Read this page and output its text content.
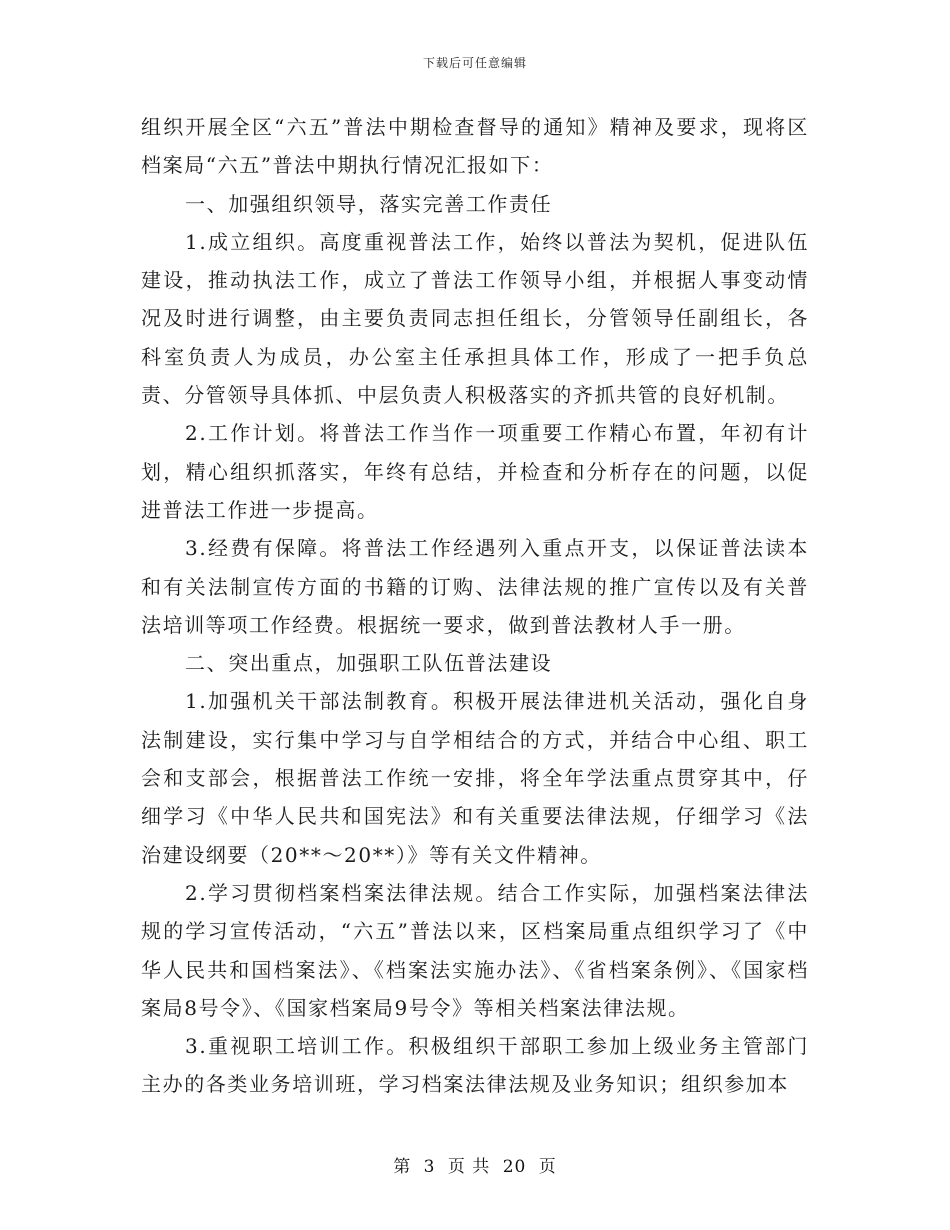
下载后可任意编辑

组织开展全区“六五”普法中期检查督导的通知》精神及要求，现将区档案局“六五”普法中期执行情况汇报如下：

一、加强组织领导，落实完善工作责任

1.成立组织。高度重视普法工作，始终以普法为契机，促进队伍建设，推动执法工作，成立了普法工作领导小组，并根据人事变动情况及时进行调整，由主要负责同志担任组长，分管领导任副组长，各科室负责人为成员，办公室主任承担具体工作，形成了一把手负总责、分管领导具体抓、中层负责人积极落实的齐抓共管的良好机制。

2.工作计划。将普法工作当作一项重要工作精心布置，年初有计划，精心组织抓落实，年终有总结，并检查和分析存在的问题，以促进普法工作进一步提高。

3.经费有保障。将普法工作经遇列入重点开支，以保证普法读本和有关法制宣传方面的书籍的订购、法律法规的推广宣传以及有关普法培训等项工作经费。根据统一要求，做到普法教材人手一册。

二、突出重点，加强职工队伍普法建设

1.加强机关干部法制教育。积极开展法律进机关活动，强化自身法制建设，实行集中学习与自学相结合的方式，并结合中心组、职工会和支部会，根据普法工作统一安排，将全年学法重点贯穿其中，仔细学习《中华人民共和国宪法》和有关重要法律法规，仔细学习《法治建设纲要（20**～20**）》等有关文件精神。

2.学习贯彻档案档案法律法规。结合工作实际，加强档案法律法规的学习宣传活动，“六五”普法以来，区档案局重点组织学习了《中华人民共和国档案法》、《档案法实施办法》、《省档案条例》、《国家档案局8号令》、《国家档案局9号令》等相关档案法律法规。

3.重视职工培训工作。积极组织干部职工参加上级业务主管部门主办的各类业务培训班，学习档案法律法规及业务知识；组织参加本

第 3 页 共 20 页
